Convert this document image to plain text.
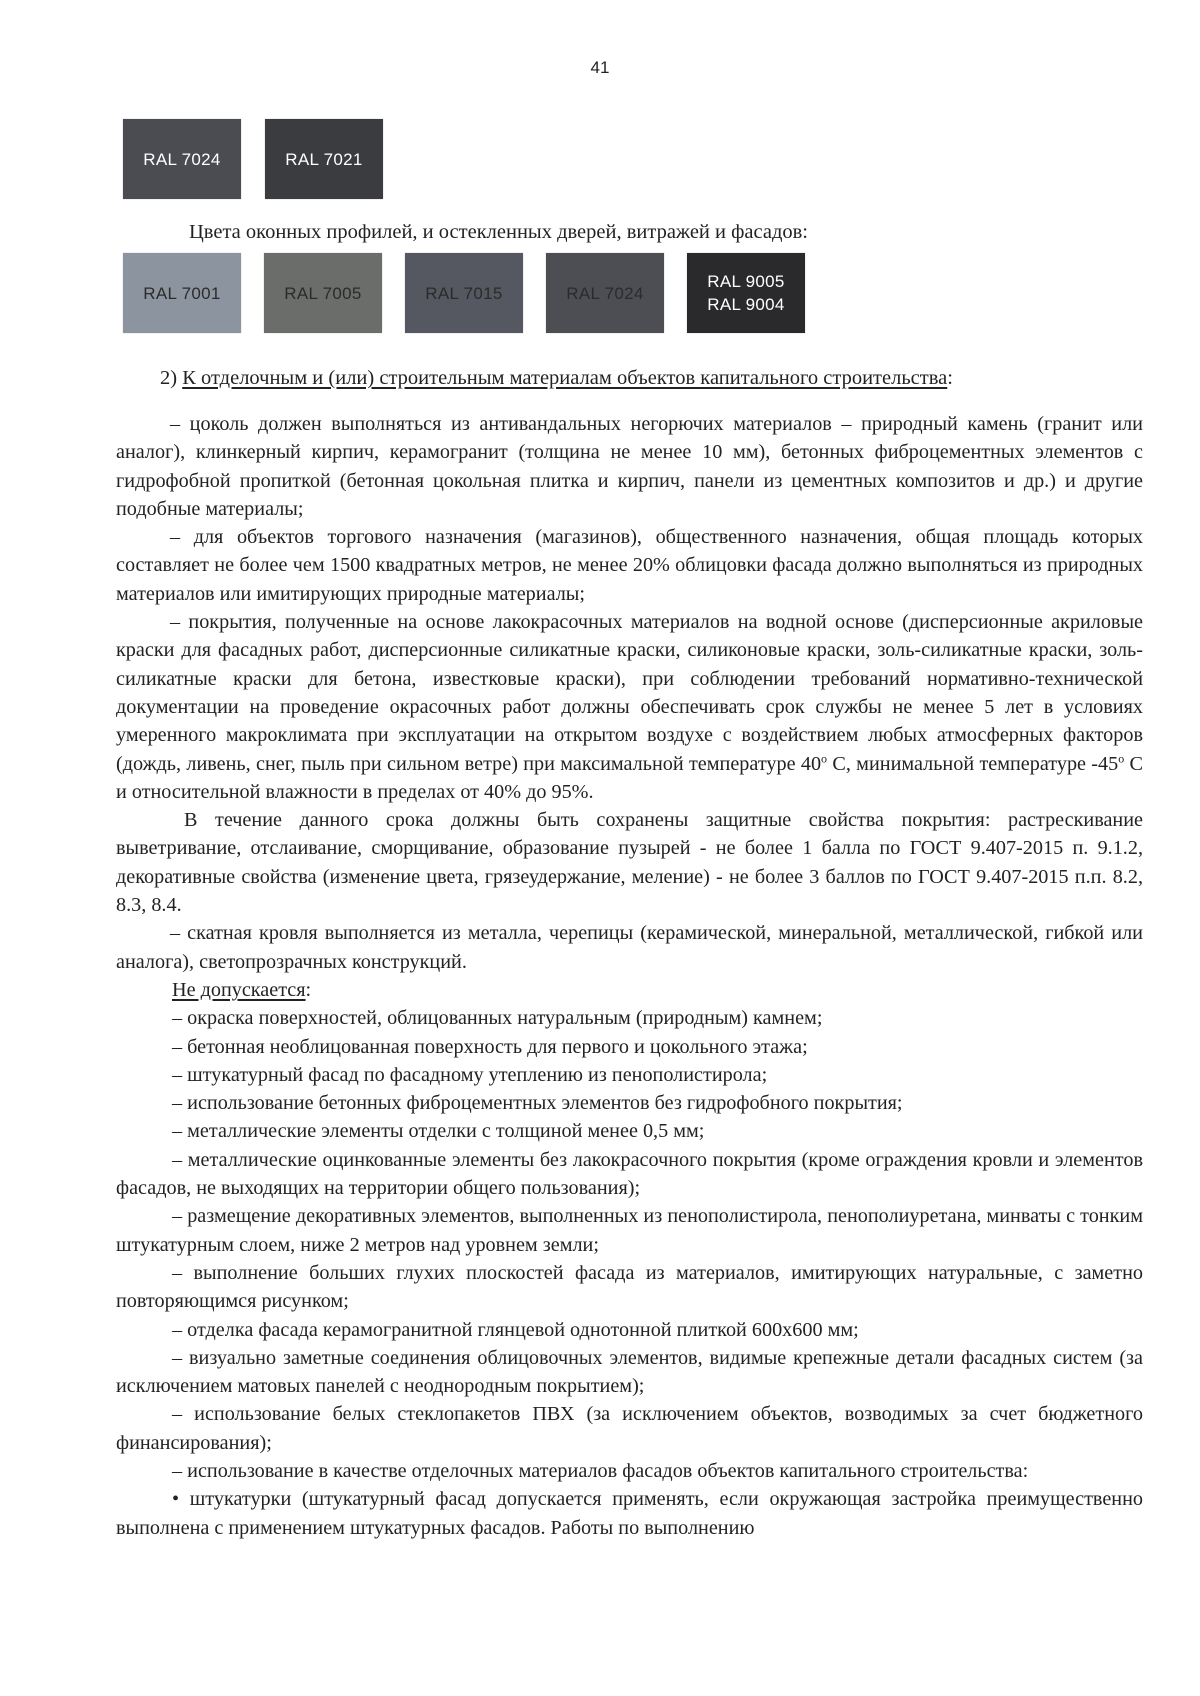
41
RAL 7024	RAL 7021
Цвета оконных профилей, и остекленных дверей, витражей и фасадов:
RAL 7001	RAL 7005	RAL 7015	RAL 7024
RAL 9005
RAL 9004
2) К отделочным и (или) строительным материалам объектов капитального строительства:

– цоколь должен выполняться из антивандальных негорючих материалов – природный камень (гранит или аналог), клинкерный кирпич, керамогранит (толщина не менее 10 мм), бетонных фиброцементных элементов с гидрофобной пропиткой (бетонная цокольная плитка и кирпич, панели из цементных композитов и др.) и другие подобные материалы;

– для объектов торгового назначения (магазинов), общественного назначения, общая площадь которых составляет не более чем 1500 квадратных метров, не менее 20% облицовки фасада должно выполняться из природных материалов или имитирующих природные материалы;

– покрытия, полученные на основе лакокрасочных материалов на водной основе (дисперсионные акриловые краски для фасадных работ, дисперсионные силикатные краски, силиконовые краски, золь-силикатные краски, золь-силикатные краски для бетона, известковые краски), при соблюдении требований нормативно-технической документации на проведение окрасочных работ должны обеспечивать срок службы не менее 5 лет в условиях умеренного макроклимата при эксплуатации на открытом воздухе с воздействием любых атмосферных факторов (дождь, ливень, снег, пыль при сильном ветре) при максимальной температуре $40^о$ С, минимальной температуре $-45^о$ С и относительной влажности в пределах от 40% до 95%.

В течение данного срока должны быть сохранены защитные свойства покрытия: растрескивание выветривание, отслаивание, сморщивание, образование пузырей - не более 1 балла по ГОСТ 9.407-2015 п. 9.1.2, декоративные свойства (изменение цвета, грязеудержание, меление) - не более 3 баллов по ГОСТ 9.407-2015 п.п. 8.2, 8.3, 8.4.

– скатная кровля выполняется из металла, черепицы (керамической, минеральной, металлической, гибкой или аналога), светопрозрачных конструкций.

Не допускается:

– окраска поверхностей, облицованных натуральным (природным) камнем;

– бетонная необлицованная поверхность для первого и цокольного этажа;

– штукатурный фасад по фасадному утеплению из пенополистирола;

– использование бетонных фиброцементных элементов без гидрофобного покрытия;

– металлические элементы отделки с толщиной менее 0,5 мм;

– металлические оцинкованные элементы без лакокрасочного покрытия (кроме ограждения кровли и элементов фасадов, не выходящих на территории общего пользования);

– размещение декоративных элементов, выполненных из пенополистирола, пенополиуретана, минваты с тонким штукатурным слоем, ниже 2 метров над уровнем земли;

– выполнение больших глухих плоскостей фасада из материалов, имитирующих натуральные, с заметно повторяющимся рисунком;

– отделка фасада керамогранитной глянцевой однотонной плиткой 600x600 мм;

– визуально заметные соединения облицовочных элементов, видимые крепежные детали фасадных систем (за исключением матовых панелей с неоднородным покрытием);

– использование белых стеклопакетов ПВХ (за исключением объектов, возводимых за счет бюджетного финансирования);

– использование в качестве отделочных материалов фасадов объектов капитального строительства:

• штукатурки (штукатурный фасад допускается применять, если окружающая застройка преимущественно выполнена с применением штукатурных фасадов. Работы по выполнению
